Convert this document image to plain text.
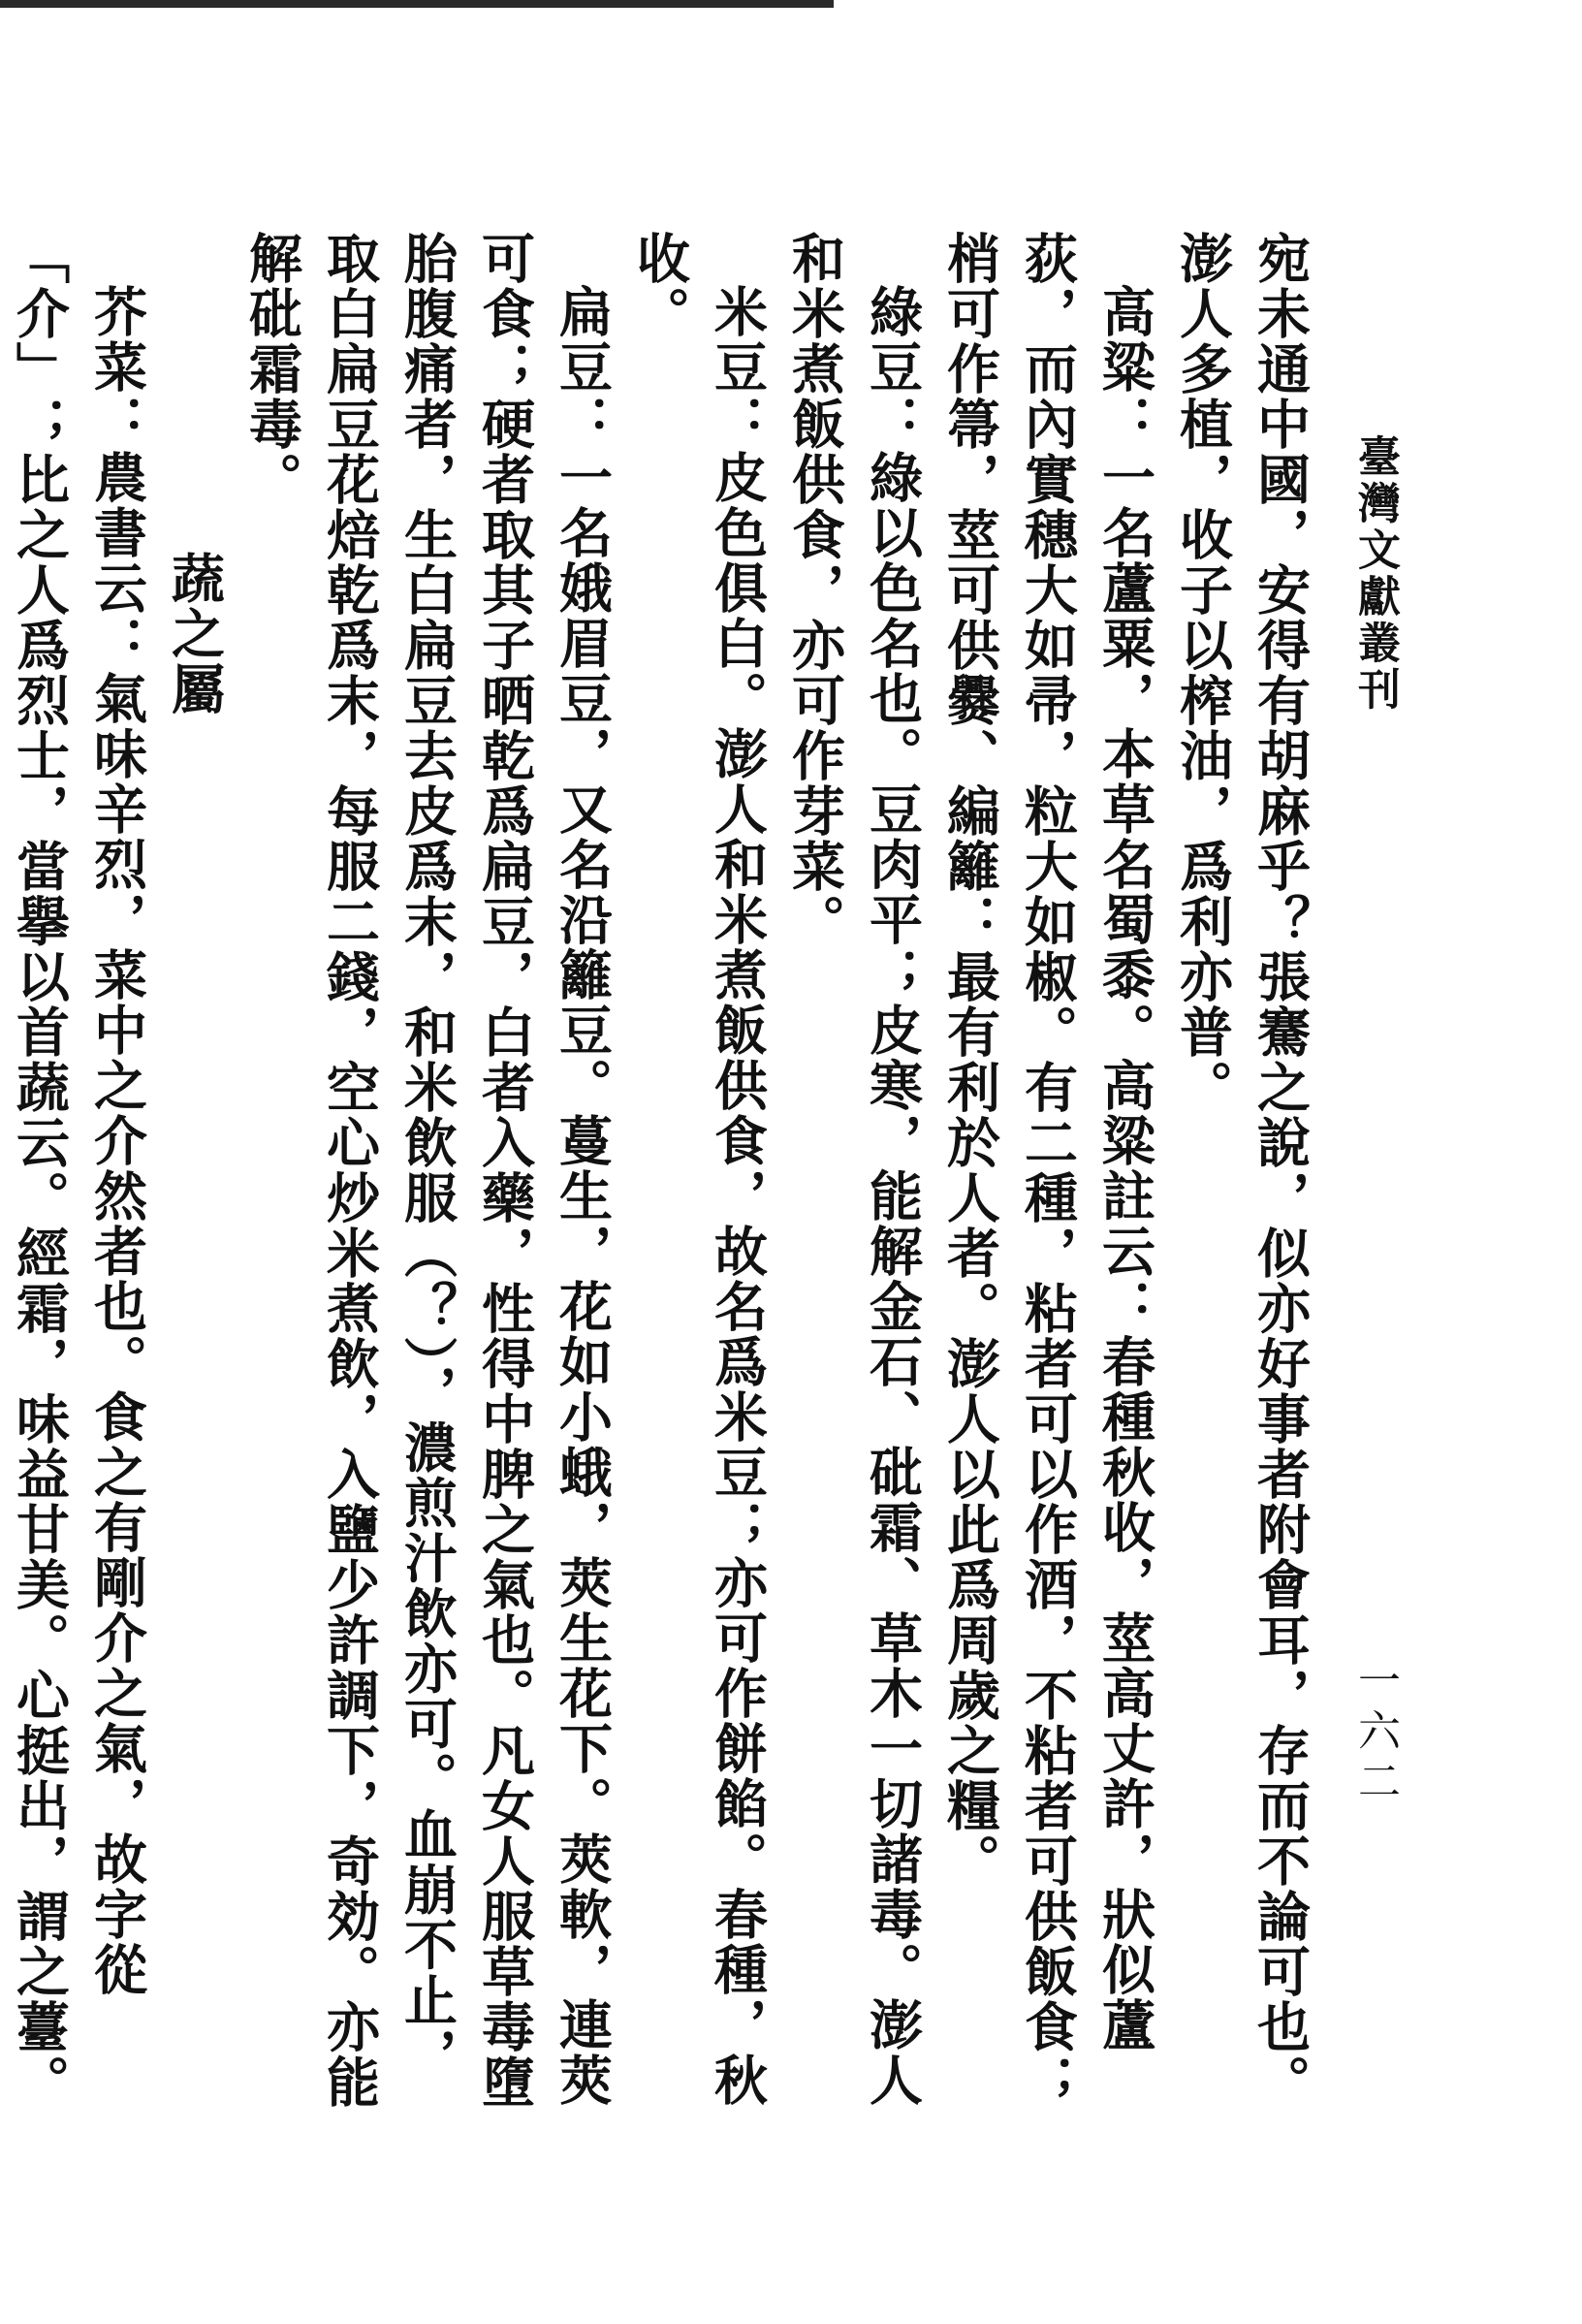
臺灣文獻叢刊
一六二

宛未通中國，安得有胡麻乎？張騫之說，似亦好事者附會耳，存而不論可也。澎人多植，收子以榨油，爲利亦普。

高粱：一名蘆粟，本草名蜀黍。高粱註云：春種秋收，莖高丈許，狀似蘆荻，而內實穗大如帚，粒大如椒。有二種，粘者可以作酒，不粘者可供飯食；梢可作箒，莖可供爨、編籬：最有利於人者。澎人以此爲周歲之糧。

綠豆：綠以色名也。豆肉平；皮寒，能解金石、砒霜、草木一切諸毒。澎人和米煮飯供食，亦可作芽菜。

米豆：皮色俱白。澎人和米煮飯供食，故名爲米豆；亦可作餅餡。春種，秋收。

扁豆：一名娥眉豆，又名沿籬豆。蔓生，花如小蛾，莢生花下。莢軟，連莢可食；硬者取其子晒乾爲扁豆，白者入藥，性得中脾之氣也。凡女人服草毒墮胎腹痛者，生白扁豆去皮爲末，和米飲服（？），濃煎汁飲亦可。血崩不止，取白扁豆花焙乾爲末，每服二錢，空心炒米煮飲，入鹽少許調下，奇効。亦能解砒霜毒。

蔬之屬

芥菜：農書云：氣味辛烈，菜中之介然者也。食之有剛介之氣，故字從「介」；比之人爲烈士，當擧以首蔬云。經霜，味益甘美。心挺出，謂之薹。
